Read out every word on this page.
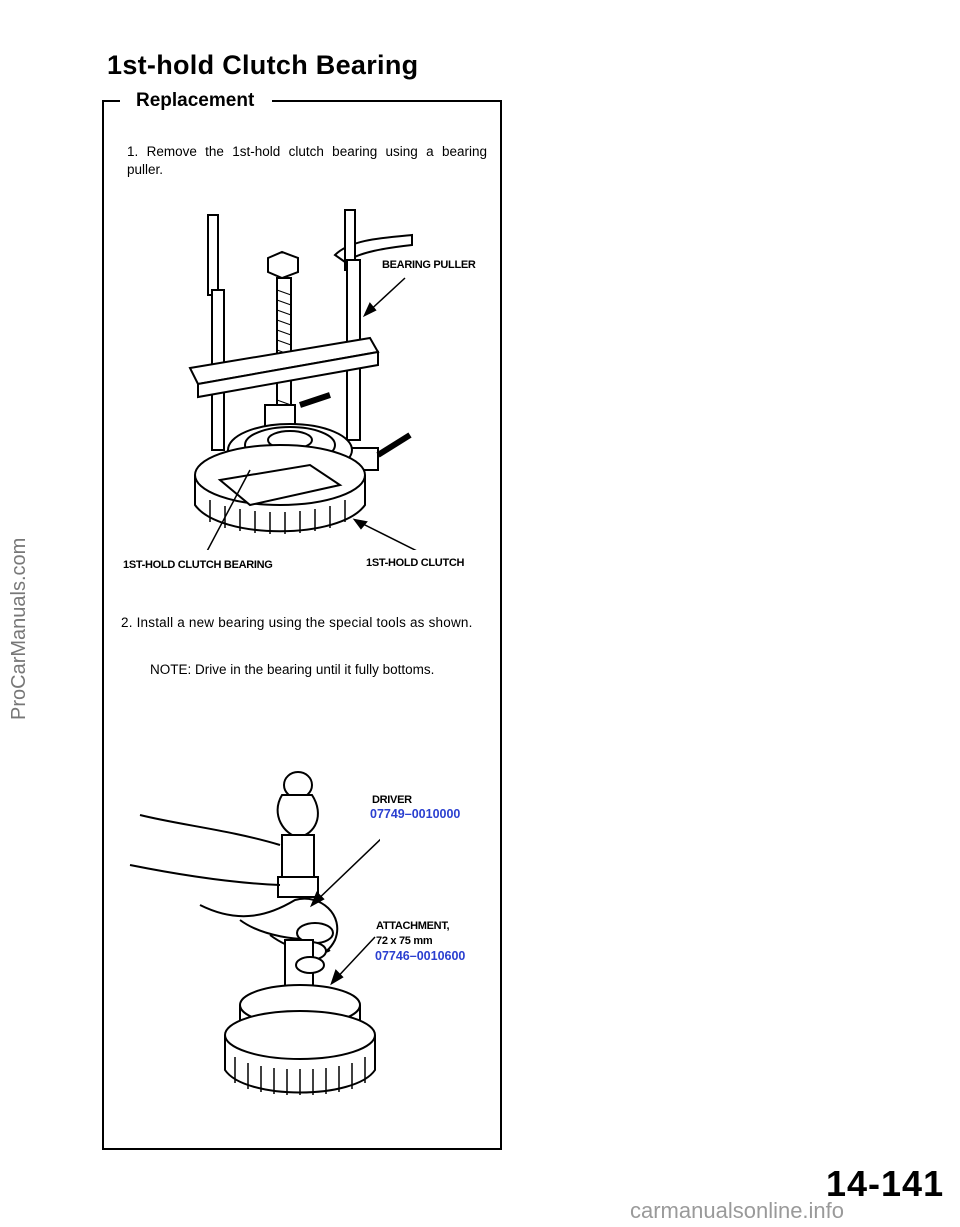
1st-hold Clutch Bearing
Replacement
1. Remove the 1st-hold clutch bearing using a bearing puller.
BEARING PULLER
1ST-HOLD CLUTCH BEARING	1ST-HOLD CLUTCH
2. Install a new bearing using the special tools as shown.
NOTE: Drive in the bearing until it fully bottoms.
DRIVER
07749–0010000
ATTACHMENT,
72 x 75 mm
07746–0010600
ProCarManuals.com
14-141
carmanualsonline.info
